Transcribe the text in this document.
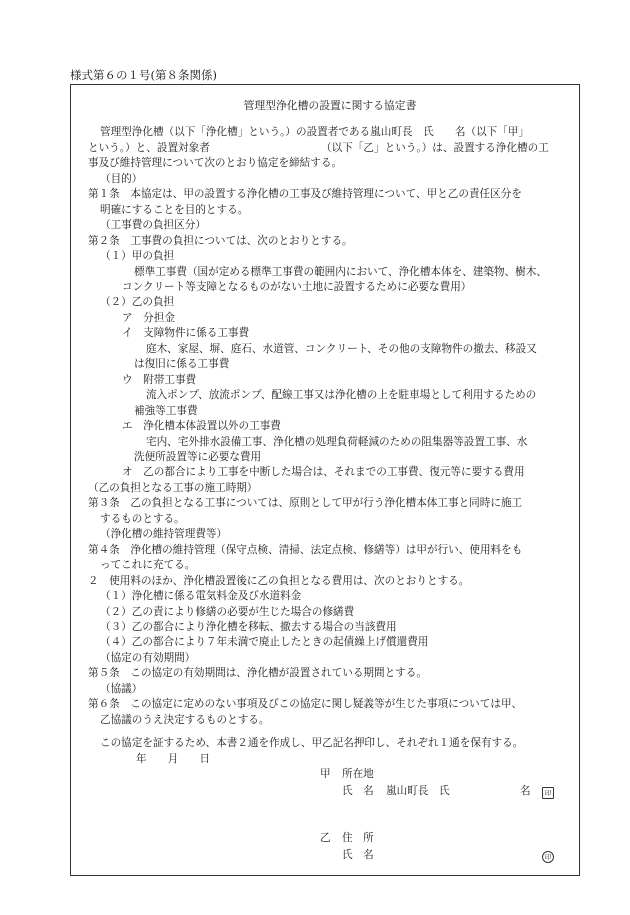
様式第６の１号(第８条関係)
管理型浄化槽の設置に関する協定書
管理型浄化槽（以下「浄化槽」という。）の設置者である嵐山町長　氏　　名（以下「甲」
という。）と、設置対象者　　　　　　　　　　　（以下「乙」という。）は、設置する浄化槽の工
事及び維持管理について次のとおり協定を締結する。
（目的）
第１条　本協定は、甲の設置する浄化槽の工事及び維持管理について、甲と乙の責任区分を
明確にすることを目的とする。
（工事費の負担区分）
第２条　工事費の負担については、次のとおりとする。
（１）甲の負担
標準工事費（国が定める標準工事費の範囲内において、浄化槽本体を、建築物、樹木、
コンクリート等支障となるものがない土地に設置するために必要な費用）
（２）乙の負担
ア　分担金
イ　支障物件に係る工事費
庭木、家屋、塀、庭石、水道管、コンクリート、その他の支障物件の撤去、移設又
は復旧に係る工事費
ウ　附帯工事費
流入ポンプ、放流ポンプ、配線工事又は浄化槽の上を駐車場として利用するための
補強等工事費
エ　浄化槽本体設置以外の工事費
宅内、宅外排水設備工事、浄化槽の処理負荷軽減のための阻集器等設置工事、水
洗便所設置等に必要な費用
オ　乙の都合により工事を中断した場合は、それまでの工事費、復元等に要する費用
（乙の負担となる工事の施工時期）
第３条　乙の負担となる工事については、原則として甲が行う浄化槽本体工事と同時に施工
するものとする。
（浄化槽の維持管理費等）
第４条　浄化槽の維持管理（保守点検、清掃、法定点検、修繕等）は甲が行い、使用料をも
ってこれに充てる。
２　使用料のほか、浄化槽設置後に乙の負担となる費用は、次のとおりとする。
（１）浄化槽に係る電気料金及び水道料金
（２）乙の責により修繕の必要が生じた場合の修繕費
（３）乙の都合により浄化槽を移転、撤去する場合の当該費用
（４）乙の都合により７年未満で廃止したときの起債繰上げ償還費用
（協定の有効期間）
第５条　この協定の有効期間は、浄化槽が設置されている期間とする。
（協議）
第６条　この協定に定めのない事項及びこの協定に関し疑義等が生じた事項については甲、
乙協議のうえ決定するものとする。
この協定を証するため、本書２通を作成し、甲乙記名押印し、それぞれ１通を保有する。
年　　月　　日
甲 所在地
氏　名 嵐山町長　氏	名	印
乙 住　所
氏　名	印
